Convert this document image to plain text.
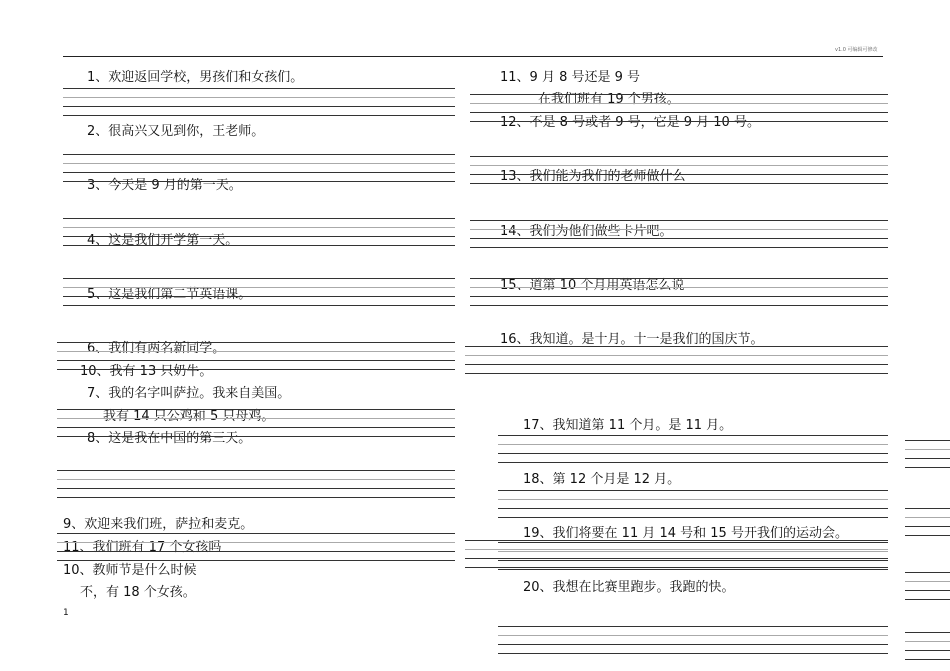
v1.0 可编辑可修改
1、欢迎返回学校，男孩们和女孩们。
2、很高兴又见到你，王老师。
3、今天是 9 月的第一天。
4、这是我们开学第一天。
5、这是我们第二节英语课。
6、我们有两名新同学。
10、我有 13 只奶牛。
7、我的名字叫萨拉。我来自美国。
我有 14 只公鸡和 5 只母鸡。
8、这是我在中国的第三天。
9、欢迎来我们班，萨拉和麦克。
11、我们班有 17 个女孩吗
10、教师节是什么时候
不，有 18 个女孩。
11、9 月 8 号还是 9 号
在我们班有 19 个男孩。
12、不是 8 号或者 9 号，它是 9 月 10 号。
13、我们能为我们的老师做什么
14、我们为他们做些卡片吧。
15、道第 10 个月用英语怎么说
16、我知道。是十月。十一是我们的国庆节。
17、我知道第 11 个月。是 11 月。
18、第 12 个月是 12 月。
19、我们将要在 11 月 14 号和 15 号开我们的运动会。
20、我想在比赛里跑步。我跑的快。
1
